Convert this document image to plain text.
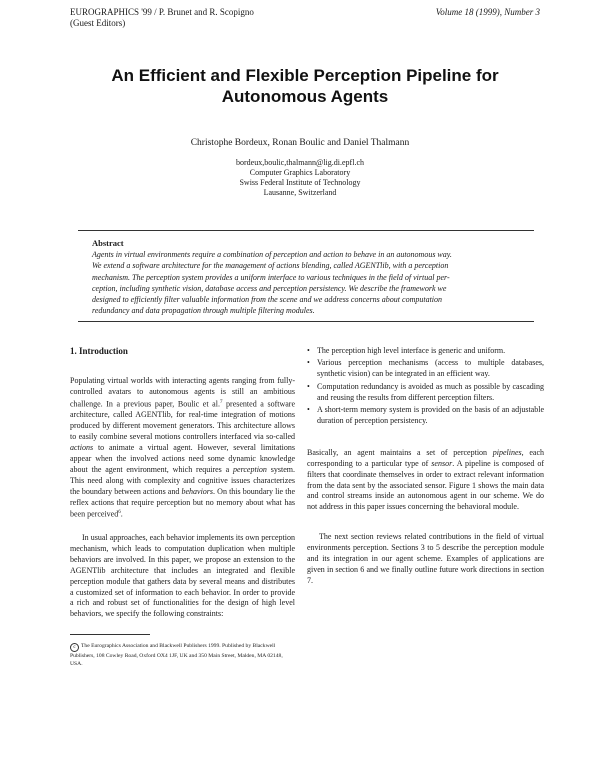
EUROGRAPHICS '99 / P. Brunet and R. Scopigno
(Guest Editors)
Volume 18 (1999), Number 3
An Efficient and Flexible Perception Pipeline for
Autonomous Agents
Christophe Bordeux, Ronan Boulic and Daniel Thalmann
bordeux,boulic,thalmann@lig.di.epfl.ch
Computer Graphics Laboratory
Swiss Federal Institute of Technology
Lausanne, Switzerland
Abstract
Agents in virtual environments require a combination of perception and action to behave in an autonomous way.
We extend a software architecture for the management of actions blending, called AGENTlib, with a perception
mechanism. The perception system provides a uniform interface to various techniques in the field of virtual per-
ception, including synthetic vision, database access and perception persistency. We describe the framework we
designed to efficiently filter valuable information from the scene and we address concerns about computation
redundancy and data propagation through multiple filtering modules.
1. Introduction

Populating virtual worlds with interacting agents ranging from fully-controlled avatars to autonomous agents is still an ambitious challenge. In a previous paper, Boulic et al.$^7$ presented a software architecture, called AGENTlib, for real-time integration of motions produced by different movement generators. This architecture allows to easily combine several motions controllers interfaced via so-called actions to animate a virtual agent. However, several limitations appear when the involved actions need some dynamic knowledge about the agent environment, which requires a perception system. This need along with complexity and cognitive issues characterizes the boundary between actions and behaviors. On this boundary lie the reflex actions that require perception but no memory about what has been perceived$^6$.

In usual approaches, each behavior implements its own perception mechanism, which leads to computation duplication when multiple behaviors are involved. In this paper, we propose an extension to the AGENTlib architecture that includes an integrated and flexible perception module that gathers data by several means and distributes a customized set of information to each behavior. In order to provide a rich and robust set of functionalities for the design of high level behaviors, we specify the following constraints:

c The Eurographics Association and Blackwell Publishers 1999. Published by Blackwell Publishers, 108 Cowley Road, Oxford OX4 1JF, UK and 350 Main Street, Malden, MA 02148, USA.
• The perception high level interface is generic and uniform.
• Various perception mechanisms (access to multiple databases, synthetic vision) can be integrated in an efficient way.
• Computation redundancy is avoided as much as possible by cascading and reusing the results from different perception filters.
• A short-term memory system is provided on the basis of an adjustable duration of perception persistency.

Basically, an agent maintains a set of perception pipelines, each corresponding to a particular type of sensor. A pipeline is composed of filters that coordinate themselves in order to extract relevant information from the data sent by the associated sensor. Figure 1 shows the main data and control streams inside an autonomous agent in our scheme. We do not address in this paper issues concerning the behavioral module.

The next section reviews related contributions in the field of virtual environments perception. Sections 3 to 5 describe the perception module and its integration in our agent scheme. Examples of applications are given in section 6 and we finally outline future work directions in section 7.
